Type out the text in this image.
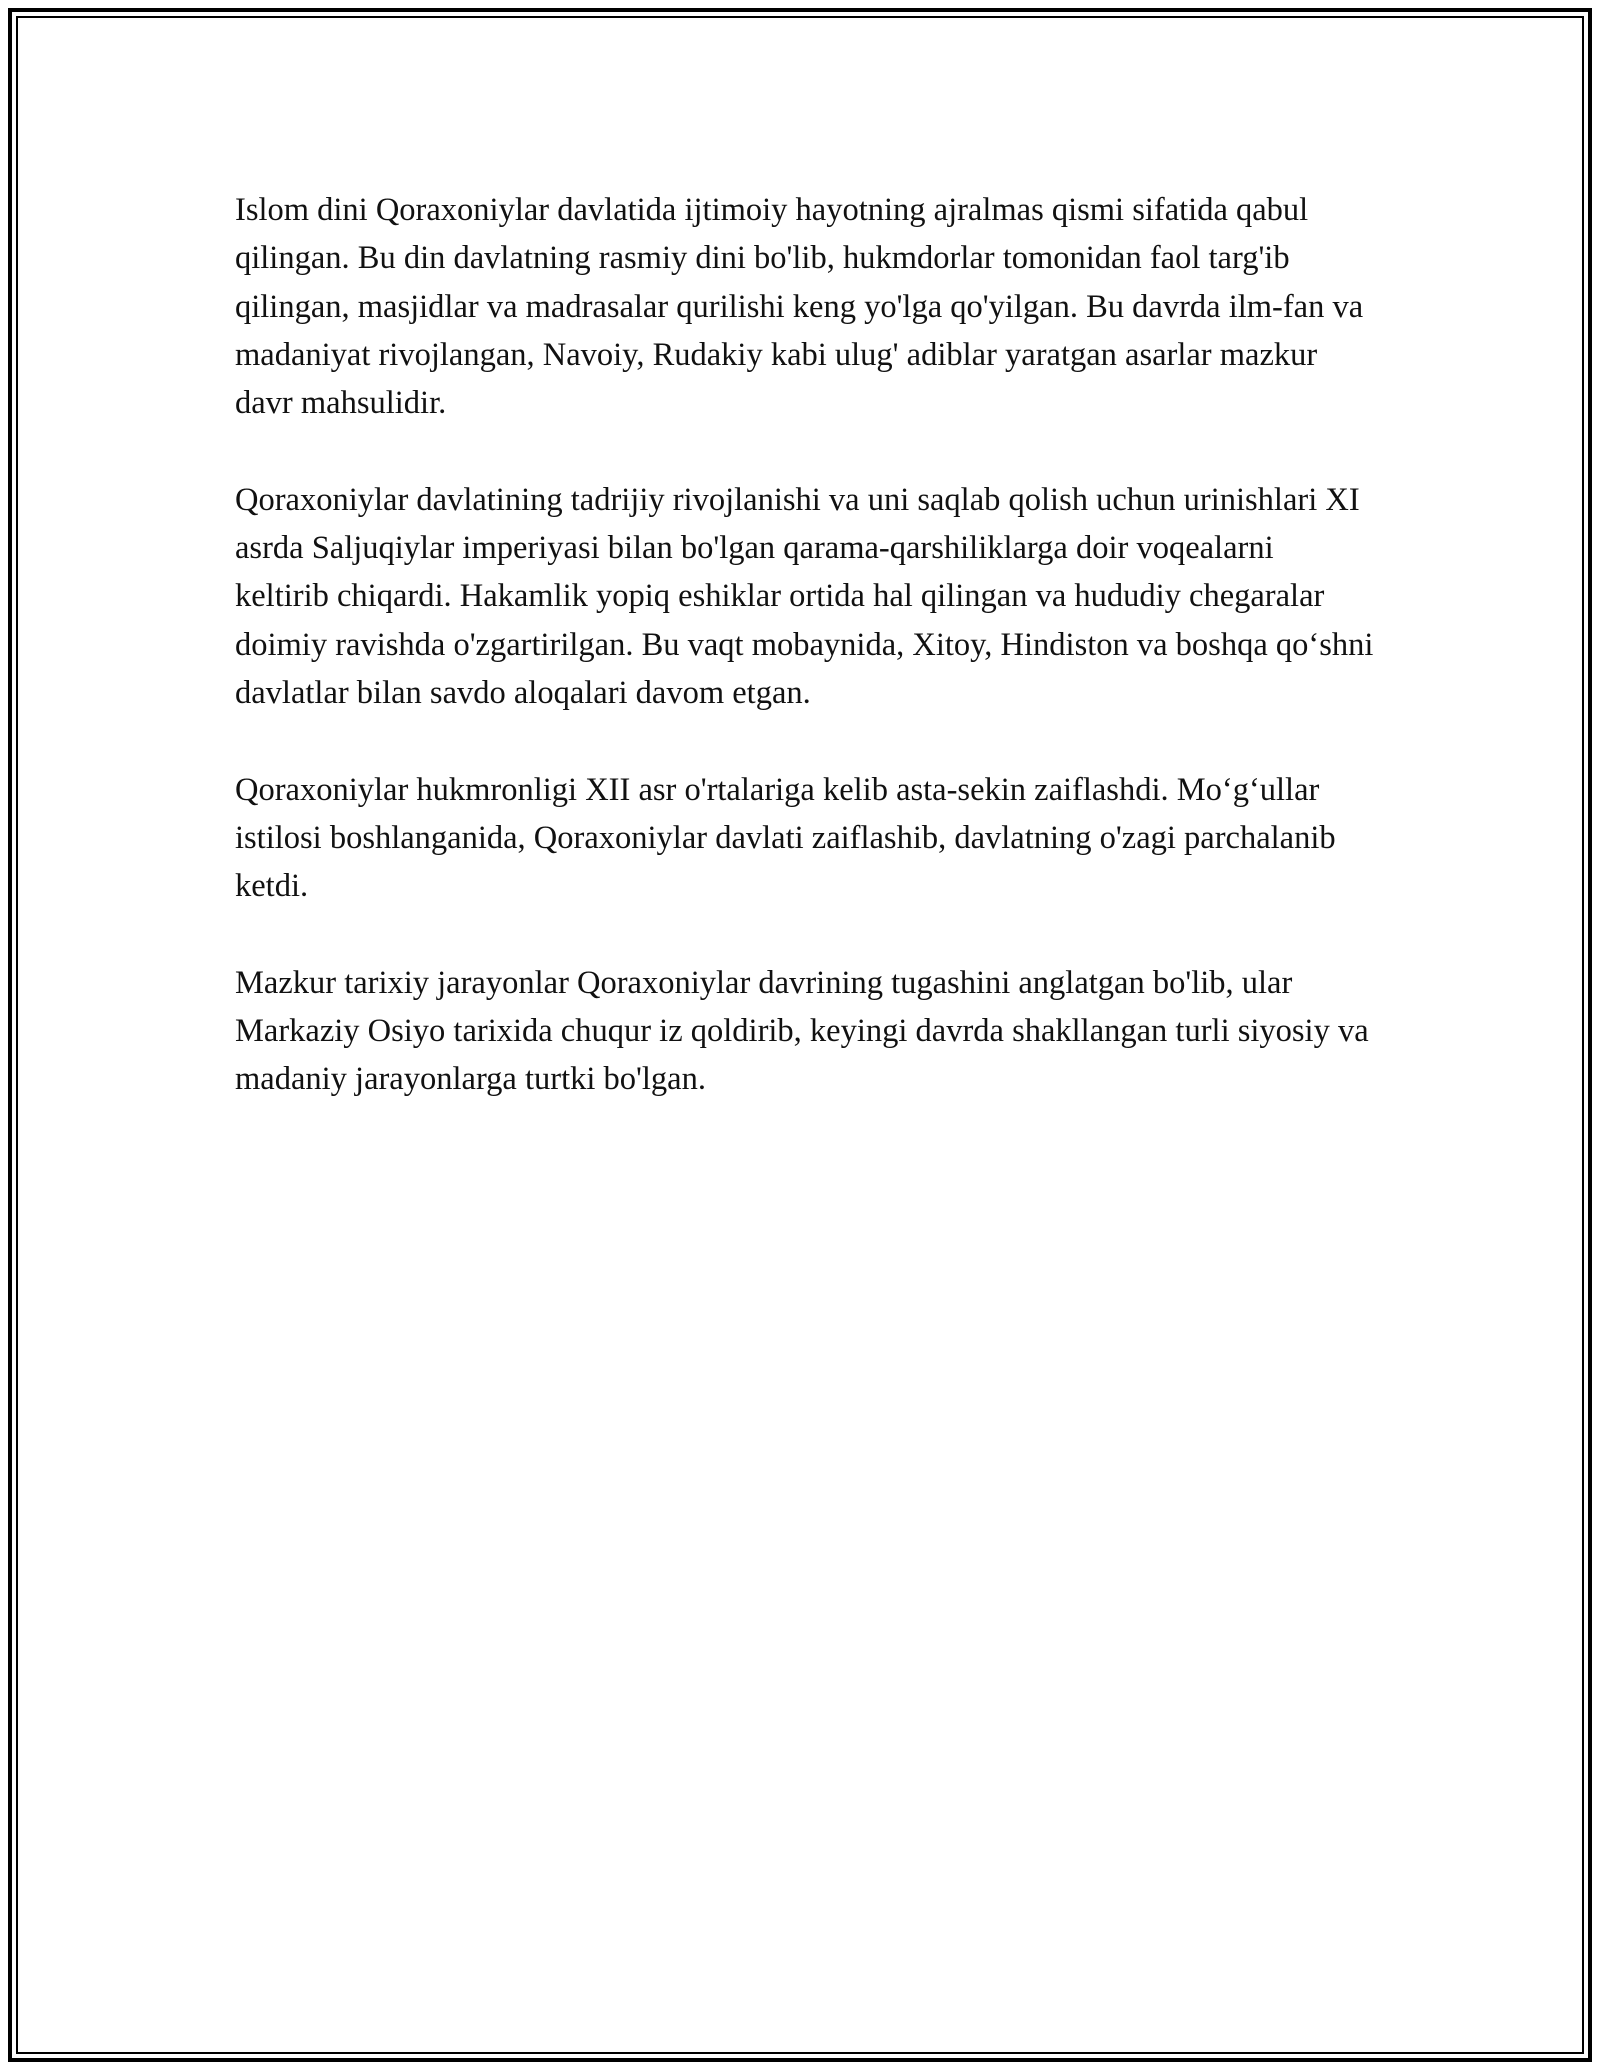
Islom dini Qoraxoniylar davlatida ijtimoiy hayotning ajralmas qismi sifatida qabul qilingan. Bu din davlatning rasmiy dini bo'lib, hukmdorlar tomonidan faol targ'ib qilingan, masjidlar va madrasalar qurilishi keng yo'lga qo'yilgan. Bu davrda ilm-fan va madaniyat rivojlangan, Navoiy, Rudakiy kabi ulug' adiblar yaratgan asarlar mazkur davr mahsulidir.

Qoraxoniylar davlatining tadrijiy rivojlanishi va uni saqlab qolish uchun urinishlari XI asrda Saljuqiylar imperiyasi bilan bo'lgan qarama-qarshiliklarga doir voqealarni keltirib chiqardi. Hakamlik yopiq eshiklar ortida hal qilingan va hududiy chegaralar doimiy ravishda o'zgartirilgan. Bu vaqt mobaynida, Xitoy, Hindiston va boshqa qo‘shni davlatlar bilan savdo aloqalari davom etgan.

Qoraxoniylar hukmronligi XII asr o'rtalariga kelib asta-sekin zaiflashdi. Mo‘g‘ullar istilosi boshlanganida, Qoraxoniylar davlati zaiflashib, davlatning o'zagi parchalanib ketdi.

Mazkur tarixiy jarayonlar Qoraxoniylar davrining tugashini anglatgan bo'lib, ular Markaziy Osiyo tarixida chuqur iz qoldirib, keyingi davrda shakllangan turli siyosiy va madaniy jarayonlarga turtki bo'lgan.
